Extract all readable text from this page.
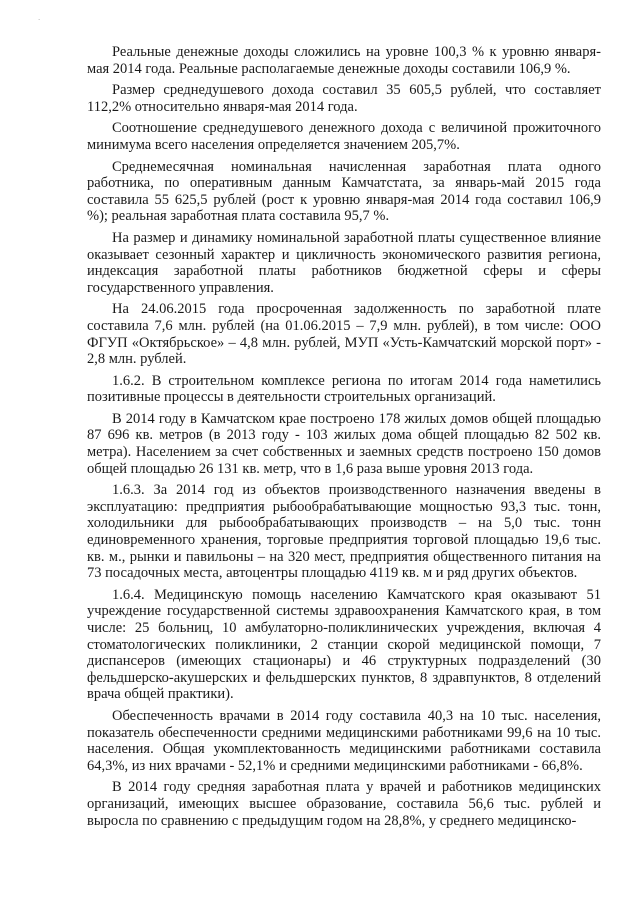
·

Реальные денежные доходы сложились на уровне 100,3 % к уровню января-мая 2014 года. Реальные располагаемые денежные доходы составили 106,9 %.

Размер среднедушевого дохода составил 35 605,5 рублей, что составляет 112,2% относительно января-мая 2014 года.

Соотношение среднедушевого денежного дохода с величиной прожиточного минимума всего населения определяется значением 205,7%.

Среднемесячная номинальная начисленная заработная плата одного работника, по оперативным данным Камчатстата, за январь-май 2015 года составила 55 625,5 рублей (рост к уровню января-мая 2014 года составил 106,9 %); реальная заработная плата составила 95,7 %.

На размер и динамику номинальной заработной платы существенное влияние оказывает сезонный характер и цикличность экономического развития региона, индексация заработной платы работников бюджетной сферы и сферы государственного управления.

На 24.06.2015 года просроченная задолженность по заработной плате составила 7,6 млн. рублей (на 01.06.2015 – 7,9 млн. рублей), в том числе: ООО ФГУП «Октябрьское» – 4,8 млн. рублей, МУП «Усть-Камчатский морской порт» - 2,8 млн. рублей.

1.6.2. В строительном комплексе региона по итогам 2014 года наметились позитивные процессы в деятельности строительных организаций.

В 2014 году в Камчатском крае построено 178 жилых домов общей площадью 87 696 кв. метров (в 2013 году - 103 жилых дома общей площадью 82 502 кв. метра). Населением за счет собственных и заемных средств построено 150 домов общей площадью 26 131 кв. метр, что в 1,6 раза выше уровня 2013 года.

1.6.3. За 2014 год из объектов производственного назначения введены в эксплуатацию: предприятия рыбообрабатывающие мощностью 93,3 тыс. тонн, холодильники для рыбообрабатывающих производств – на 5,0 тыс. тонн единовременного хранения, торговые предприятия торговой площадью 19,6 тыс. кв. м., рынки и павильоны – на 320 мест, предприятия общественного питания на 73 посадочных места, автоцентры площадью 4119 кв. м и ряд других объектов.

1.6.4. Медицинскую помощь населению Камчатского края оказывают 51 учреждение государственной системы здравоохранения Камчатского края, в том числе: 25 больниц, 10 амбулаторно-поликлинических учреждения, включая 4 стоматологических поликлиники, 2 станции скорой медицинской помощи, 7 диспансеров (имеющих стационары) и 46 структурных подразделений (30 фельдшерско-акушерских и фельдшерских пунктов, 8 здравпунктов, 8 отделений врача общей практики).

Обеспеченность врачами в 2014 году составила 40,3 на 10 тыс. населения, показатель обеспеченности средними медицинскими работниками 99,6 на 10 тыс. населения. Общая укомплектованность медицинскими работниками составила 64,3%, из них врачами - 52,1% и средними медицинскими работниками - 66,8%.

В 2014 году средняя заработная плата у врачей и работников медицинских организаций, имеющих высшее образование, составила 56,6 тыс. рублей и выросла по сравнению с предыдущим годом на 28,8%, у среднего медицинско-
